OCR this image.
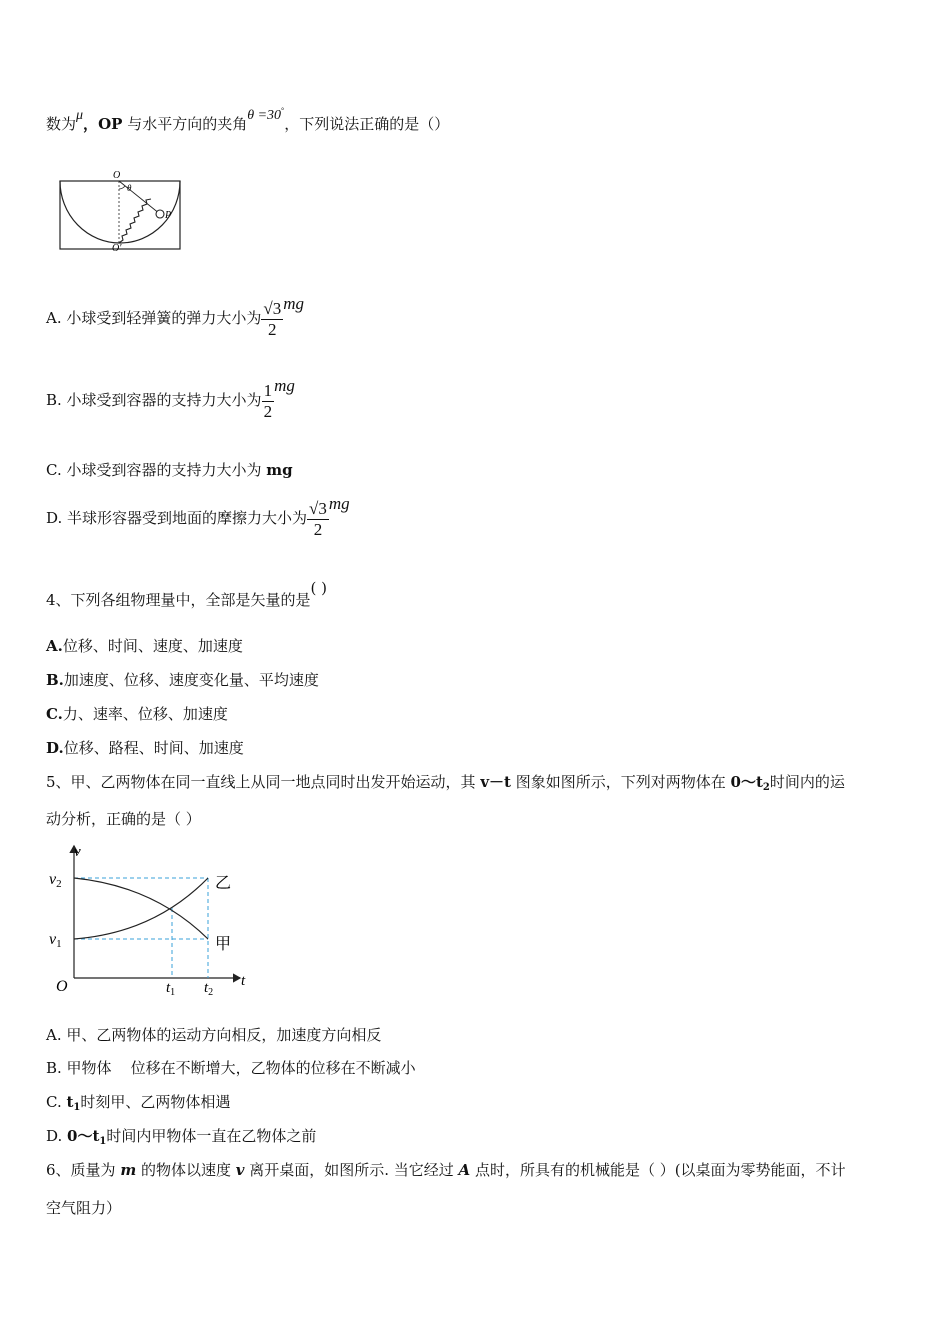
数为μ，OP 与水平方向的夹角θ =30°，下列说法正确的是（）
O
θ
P
O′
A. 小球受到轻弹簧的弹力大小为 $\frac{√3}{2}$ mg
B. 小球受到容器的支持力大小为 $\frac{1}{2}$ mg
C. 小球受到容器的支持力大小为 mg
D. 半球形容器受到地面的摩擦力大小为 $\frac{√3}{2}$ mg
4、下列各组物理量中，全部是矢量的是( )
A.位移、时间、速度、加速度
B.加速度、位移、速度变化量、平均速度
C.力、速率、位移、加速度
D.位移、路程、时间、加速度
5、甲、乙两物体在同一直线上从同一地点同时出发开始运动，其 v－t 图象如图所示，下列对两物体在 $0\sim t_2$时间内的运
动分析，正确的是（ ）
v
t
v2
v1
O	$t_1$ $t_2$
乙
甲
A. 甲、乙两物体的运动方向相反，加速度方向相反
B. 甲物体    位移在不断增大，乙物体的位移在不断减小
C. $t_1$时刻甲、乙两物体相遇
D. $0\sim t_1$时间内甲物体一直在乙物体之前
6、质量为 m 的物体以速度 v 离开桌面，如图所示. 当它经过 A 点时，所具有的机械能是（ ）(以桌面为零势能面，不计
空气阻力）
